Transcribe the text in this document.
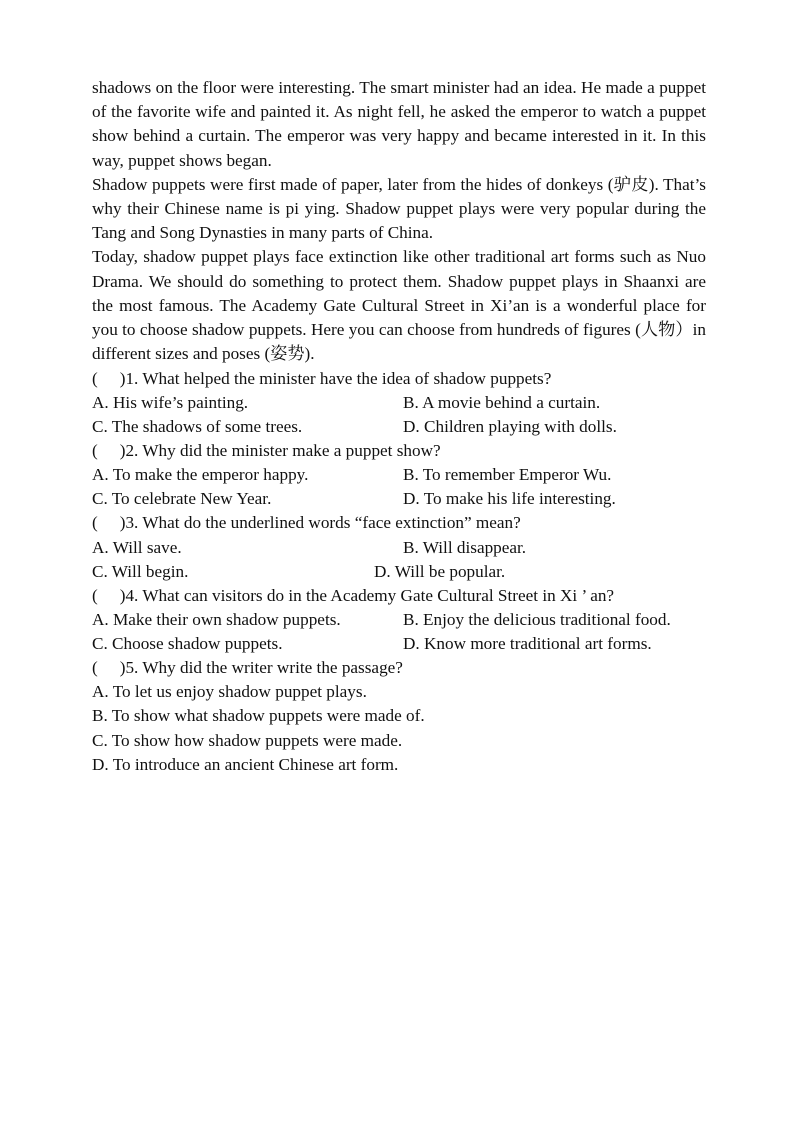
shadows on the floor were interesting. The smart minister had an idea. He made a puppet of the favorite wife and painted it. As night fell, he asked the emperor to watch a puppet show behind a curtain. The emperor was very happy and became interested in it. In this way, puppet shows began.

Shadow puppets were first made of paper, later from the hides of donkeys (驴皮). That’s why their Chinese name is pi ying. Shadow puppet plays were very popular during the Tang and Song Dynasties in many parts of China.

Today, shadow puppet plays face extinction like other traditional art forms such as Nuo Drama. We should do something to protect them. Shadow puppet plays in Shaanxi are the most famous. The Academy Gate Cultural Street in Xi’an is a wonderful place for you to choose shadow puppets. Here you can choose from hundreds of figures (人物）in different sizes and poses (姿势).

( )1. What helped the minister have the idea of shadow puppets?
A. His wife’s painting.	B. A movie behind a curtain.
C. The shadows of some trees.	D. Children playing with dolls.
( )2. Why did the minister make a puppet show?
A. To make the emperor happy.	B. To remember Emperor Wu.
C. To celebrate New Year.	D. To make his life interesting.
( )3. What do the underlined words “face extinction” mean?
A. Will save.	B. Will disappear.
C. Will begin.	D. Will be popular.
( )4. What can visitors do in the Academy Gate Cultural Street in Xi ’ an?
A. Make their own shadow puppets.	B. Enjoy the delicious traditional food.
C. Choose shadow puppets.	D. Know more traditional art forms.
( )5. Why did the writer write the passage?
A. To let us enjoy shadow puppet plays.
B. To show what shadow puppets were made of.
C. To show how shadow puppets were made.
D. To introduce an ancient Chinese art form.
